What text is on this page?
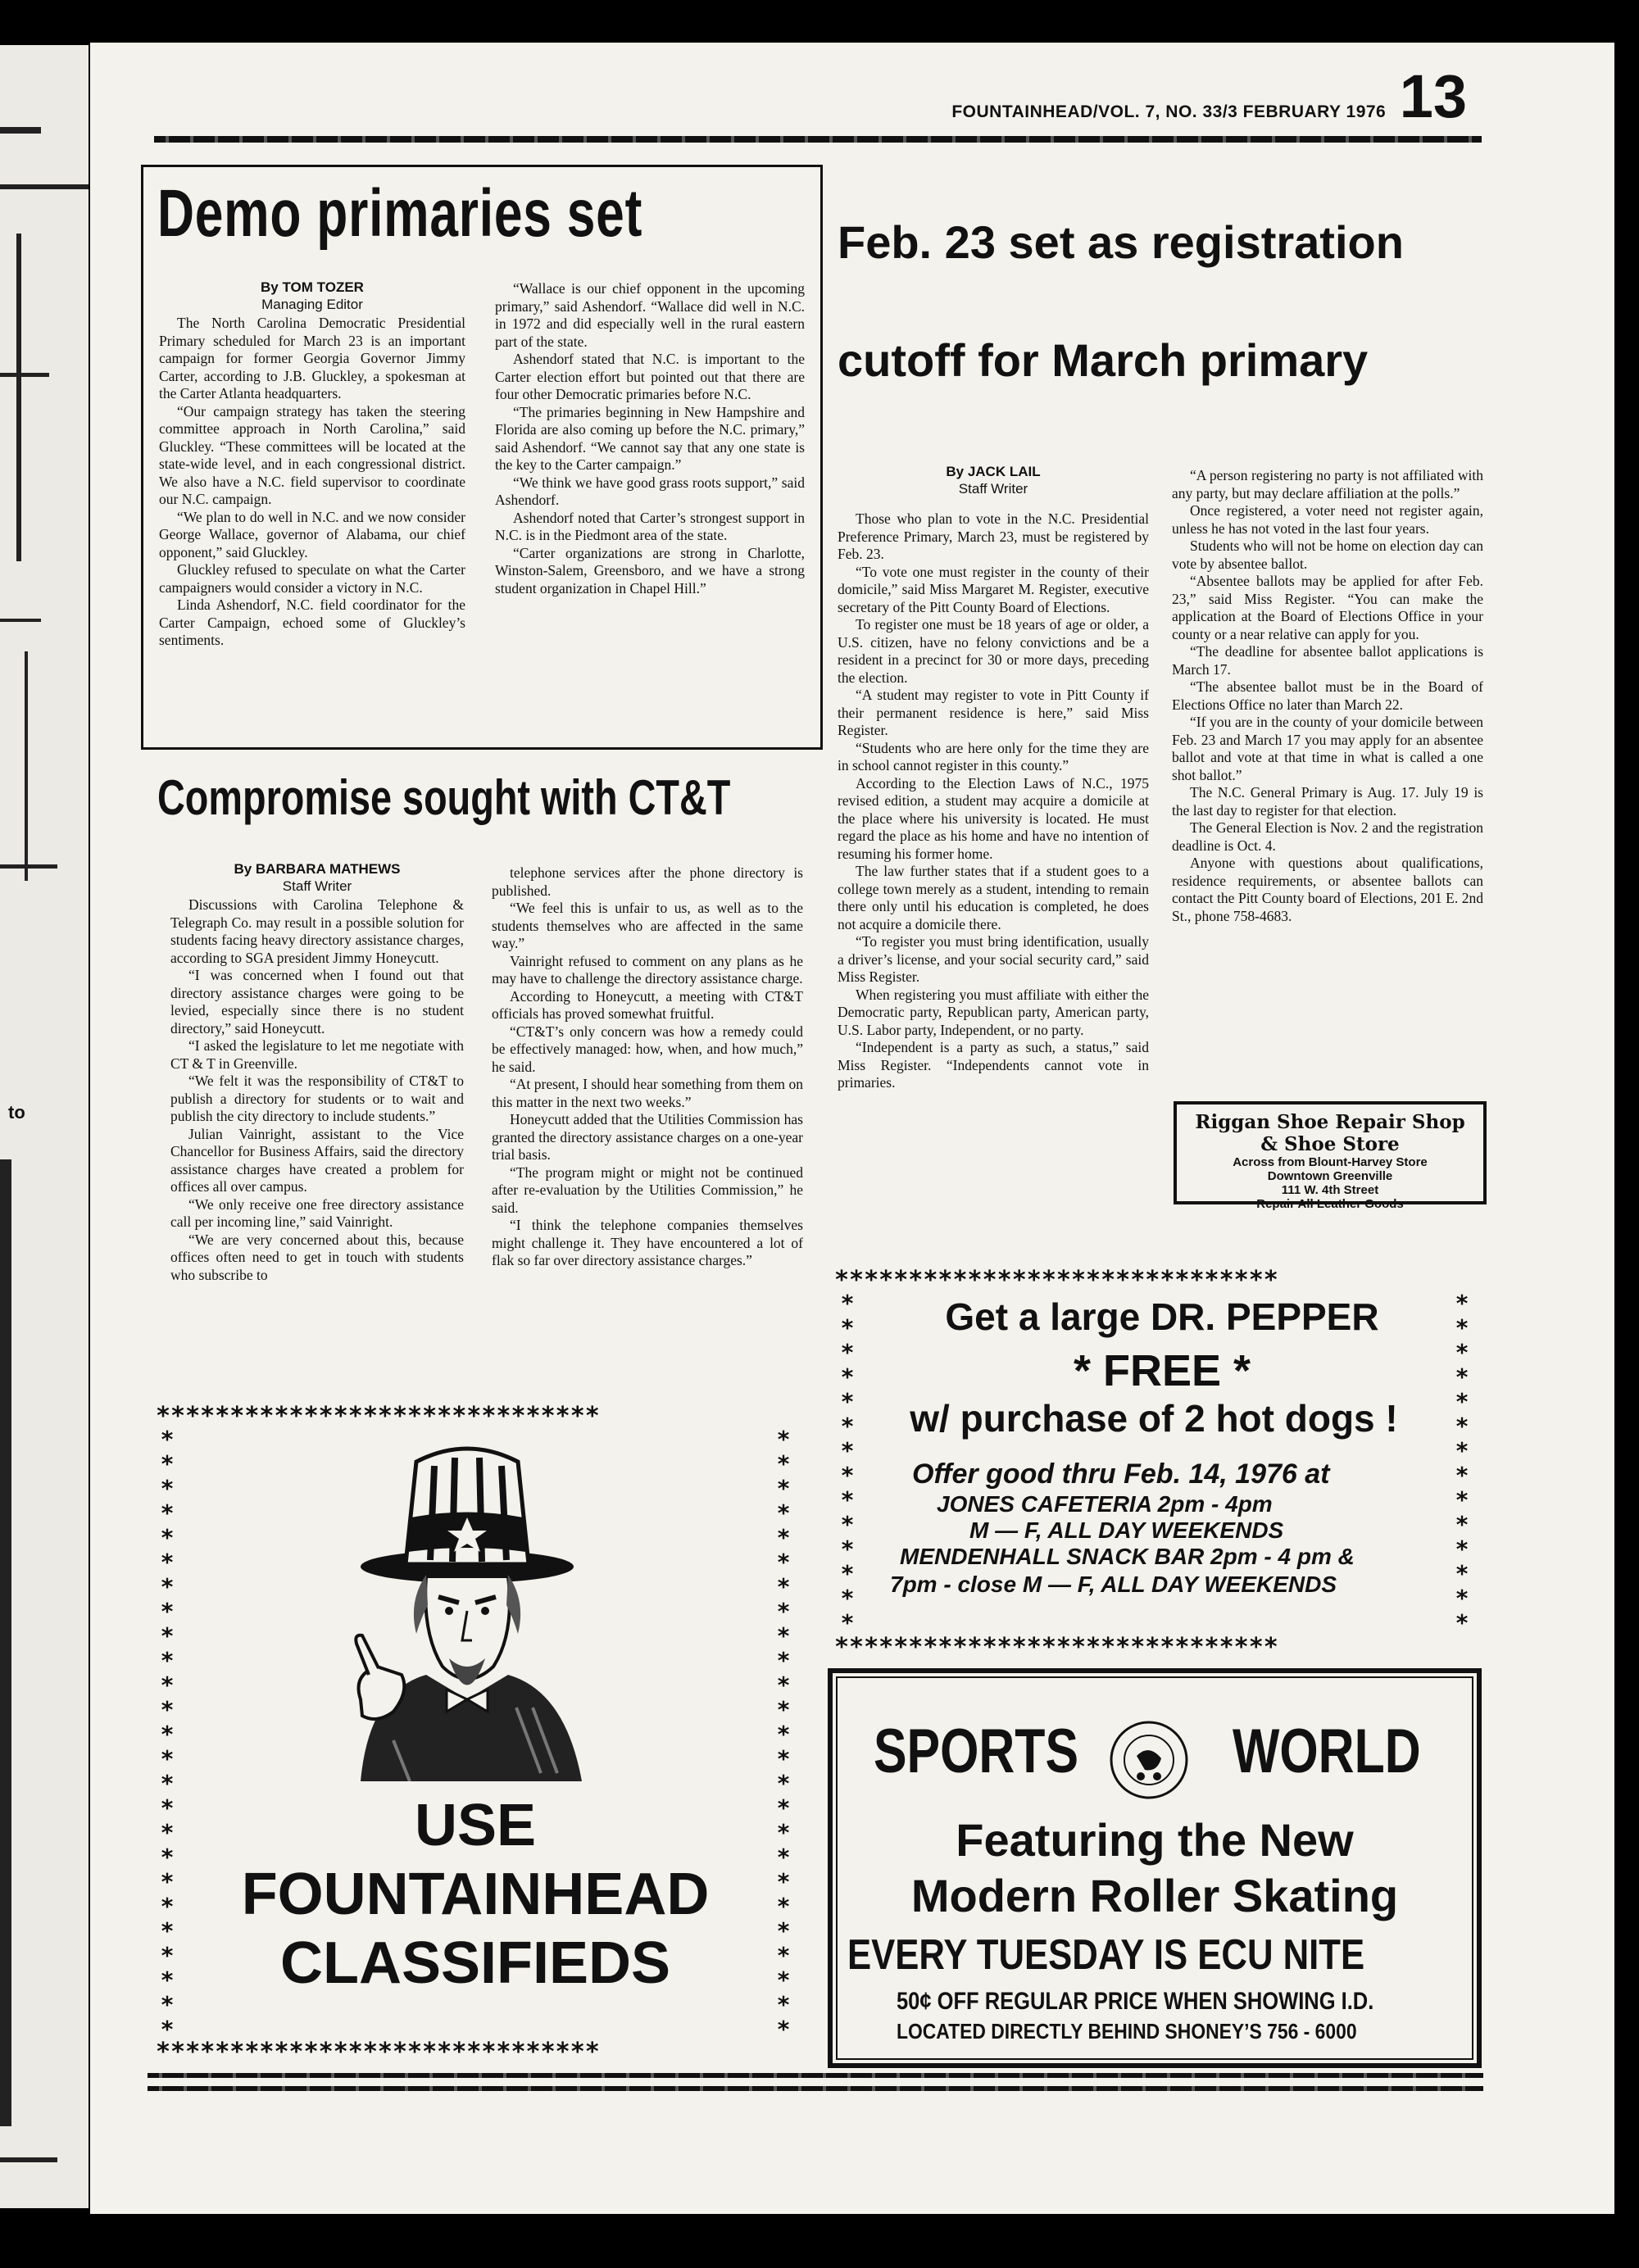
to
FOUNTAINHEAD/VOL. 7, NO. 33/3 FEBRUARY 1976 13
Demo primaries set
By TOM TOZER
Managing Editor

The North Carolina Democratic Presidential Primary scheduled for March 23 is an important campaign for former Georgia Governor Jimmy Carter, according to J.B. Gluckley, a spokesman at the Carter Atlanta headquarters.

“Our campaign strategy has taken the steering committee approach in North Carolina,” said Gluckley. “These committees will be located at the state-wide level, and in each congressional district. We also have a N.C. field supervisor to coordinate our N.C. campaign.

“We plan to do well in N.C. and we now consider George Wallace, governor of Alabama, our chief opponent,” said Gluckley.

Gluckley refused to speculate on what the Carter campaigners would consider a victory in N.C.

Linda Ashendorf, N.C. field coordinator for the Carter Campaign, echoed some of Gluckley’s sentiments.

“Wallace is our chief opponent in the upcoming primary,” said Ashendorf. “Wallace did well in N.C. in 1972 and did especially well in the rural eastern part of the state.

Ashendorf stated that N.C. is important to the Carter election effort but pointed out that there are four other Democratic primaries before N.C.

“The primaries beginning in New Hampshire and Florida are also coming up before the N.C. primary,” said Ashendorf. “We cannot say that any one state is the key to the Carter campaign.”

“We think we have good grass roots support,” said Ashendorf.

Ashendorf noted that Carter’s strongest support in N.C. is in the Piedmont area of the state.

“Carter organizations are strong in Charlotte, Winston-Salem, Greensboro, and we have a strong student organization in Chapel Hill.”

Feb. 23 set as registration
cutoff for March primary
By JACK LAIL
Staff Writer

Those who plan to vote in the N.C. Presidential Preference Primary, March 23, must be registered by Feb. 23.

“To vote one must register in the county of their domicile,” said Miss Margaret M. Register, executive secretary of the Pitt County Board of Elections.

To register one must be 18 years of age or older, a U.S. citizen, have no felony convictions and be a resident in a precinct for 30 or more days, preceding the election.

“A student may register to vote in Pitt County if their permanent residence is here,” said Miss Register.

“Students who are here only for the time they are in school cannot register in this county.”

According to the Election Laws of N.C., 1975 revised edition, a student may acquire a domicile at the place where his university is located. He must regard the place as his home and have no intention of resuming his former home.

The law further states that if a student goes to a college town merely as a student, intending to remain there only until his education is completed, he does not acquire a domicile there.

“To register you must bring identification, usually a driver’s license, and your social security card,” said Miss Register.

When registering you must affiliate with either the Democratic party, Republican party, American party, U.S. Labor party, Independent, or no party.

“Independent is a party as such, a status,” said Miss Register. “Independents cannot vote in primaries.

“A person registering no party is not affiliated with any party, but may declare affiliation at the polls.”

Once registered, a voter need not register again, unless he has not voted in the last four years.

Students who will not be home on election day can vote by absentee ballot.

“Absentee ballots may be applied for after Feb. 23,” said Miss Register. “You can make the application at the Board of Elections Office in your county or a near relative can apply for you.

“The deadline for absentee ballot applications is March 17.

“The absentee ballot must be in the Board of Elections Office no later than March 22.

“If you are in the county of your domicile between Feb. 23 and March 17 you may apply for an absentee ballot and vote at that time in what is called a one shot ballot.”

The N.C. General Primary is Aug. 17. July 19 is the last day to register for that election.

The General Election is Nov. 2 and the registration deadline is Oct. 4.

Anyone with questions about qualifications, residence requirements, or absentee ballots can contact the Pitt County board of Elections, 201 E. 2nd St., phone 758-4683.

Compromise sought with CT&T
By BARBARA MATHEWS
Staff Writer

Discussions with Carolina Telephone & Telegraph Co. may result in a possible solution for students facing heavy directory assistance charges, according to SGA president Jimmy Honeycutt.

“I was concerned when I found out that directory assistance charges were going to be levied, especially since there is no student directory,” said Honeycutt.

“I asked the legislature to let me negotiate with CT & T in Greenville.

“We felt it was the responsibility of CT&T to publish a directory for students or to wait and publish the city directory to include students.”

Julian Vainright, assistant to the Vice Chancellor for Business Affairs, said the directory assistance charges have created a problem for offices all over campus.

“We only receive one free directory assistance call per incoming line,” said Vainright.

“We are very concerned about this, because offices often need to get in touch with students who subscribe to

telephone services after the phone directory is published.

“We feel this is unfair to us, as well as to the students themselves who are affected in the same way.”

Vainright refused to comment on any plans as he may have to challenge the directory assistance charge.

According to Honeycutt, a meeting with CT&T officials has proved somewhat fruitful.

“CT&T’s only concern was how a remedy could be effectively managed: how, when, and how much,” he said.

“At present, I should hear something from them on this matter in the next two weeks.”

Honeycutt added that the Utilities Commission has granted the directory assistance charges on a one-year trial basis.

“The program might or might not be continued after re-evaluation by the Utilities Commission,” he said.

“I think the telephone companies themselves might challenge it. They have encountered a lot of flak so far over directory assistance charges.”

Riggan Shoe Repair Shop
& Shoe Store
Across from Blount-Harvey Store
Downtown Greenville
111 W. 4th Street
Repair All Leather Goods
******************************
******************************
**************
**************
Get a large DR. PEPPER
* FREE *
w/ purchase of 2 hot dogs !
Offer good thru Feb. 14, 1976 at
JONES CAFETERIA 2pm - 4pm
M — F, ALL DAY WEEKENDS
MENDENHALL SNACK BAR 2pm - 4 pm &
7pm - close M — F, ALL DAY WEEKENDS
******************************
******************************
*************************
*************************
USE
FOUNTAINHEAD
CLASSIFIEDS
SPORTS WORLD
Featuring the New
Modern Roller Skating
EVERY TUESDAY IS ECU NITE
50¢ OFF REGULAR PRICE WHEN SHOWING I.D.
LOCATED DIRECTLY BEHIND SHONEY’S 756 - 6000
